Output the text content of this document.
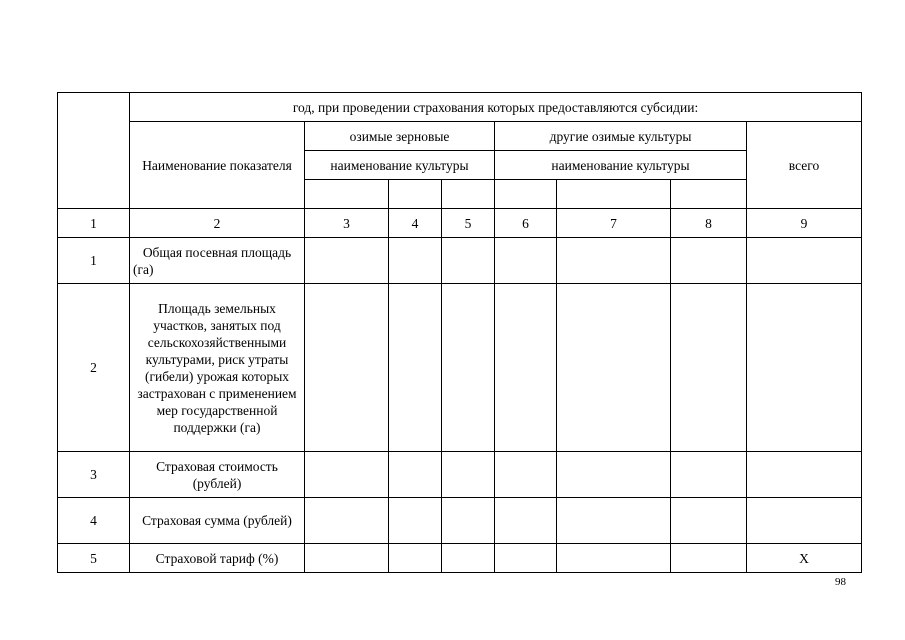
	год, при проведении страхования которых предоставляются субсидии:							
	Наименование показателя	озимые зерновые			другие озимые культуры			всего
		наименование культуры			наименование культуры			

1	2	3	4	5	6	7	8	9
1	Общая посевная площадь (га)							
2	Площадь земельных участков, занятых под сельскохозяйственными культурами, риск утраты (гибели) урожая которых застрахован с применением мер государственной поддержки (га)							
3	Страховая стоимость (рублей)							
4	Страховая сумма (рублей)							
5	Страховой тариф (%)							X
98
